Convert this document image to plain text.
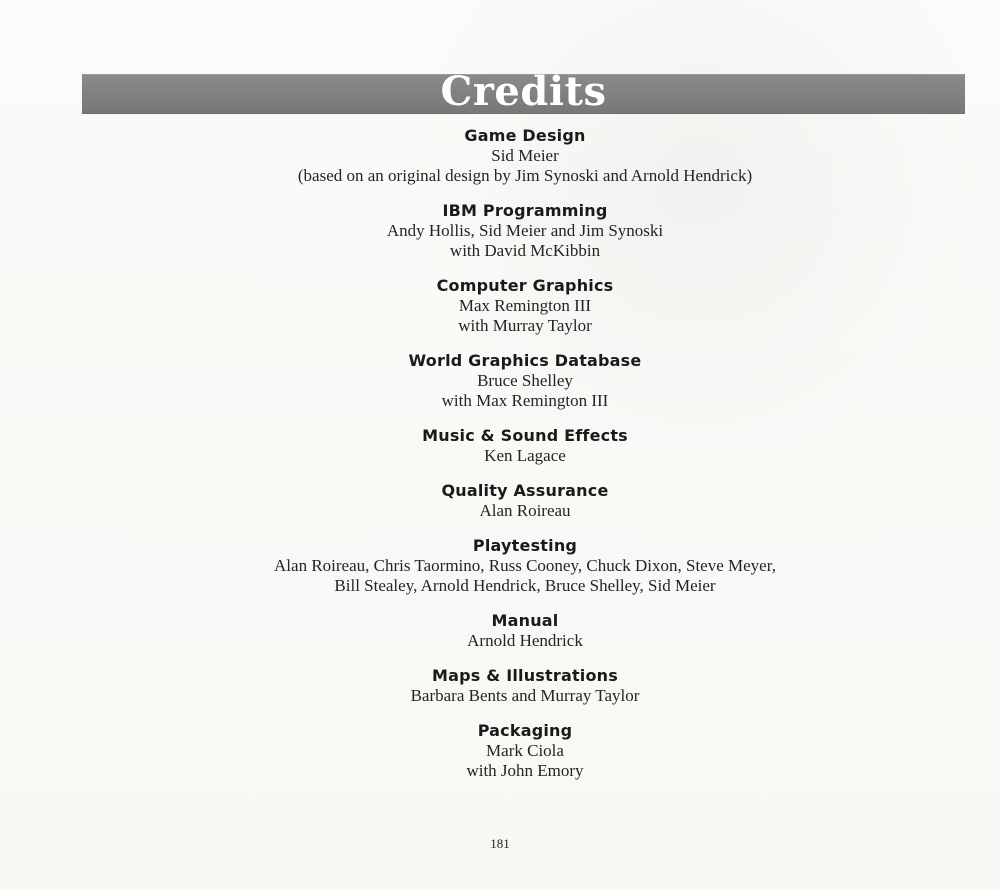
Credits
Game Design
Sid Meier
(based on an original design by Jim Synoski and Arnold Hendrick)
IBM Programming
Andy Hollis, Sid Meier and Jim Synoski
with David McKibbin
Computer Graphics
Max Remington III
with Murray Taylor
World Graphics Database
Bruce Shelley
with Max Remington III
Music & Sound Effects
Ken Lagace
Quality Assurance
Alan Roireau
Playtesting
Alan Roireau, Chris Taormino, Russ Cooney, Chuck Dixon, Steve Meyer,
Bill Stealey, Arnold Hendrick, Bruce Shelley, Sid Meier
Manual
Arnold Hendrick
Maps & Illustrations
Barbara Bents and Murray Taylor
Packaging
Mark Ciola
with John Emory
181
